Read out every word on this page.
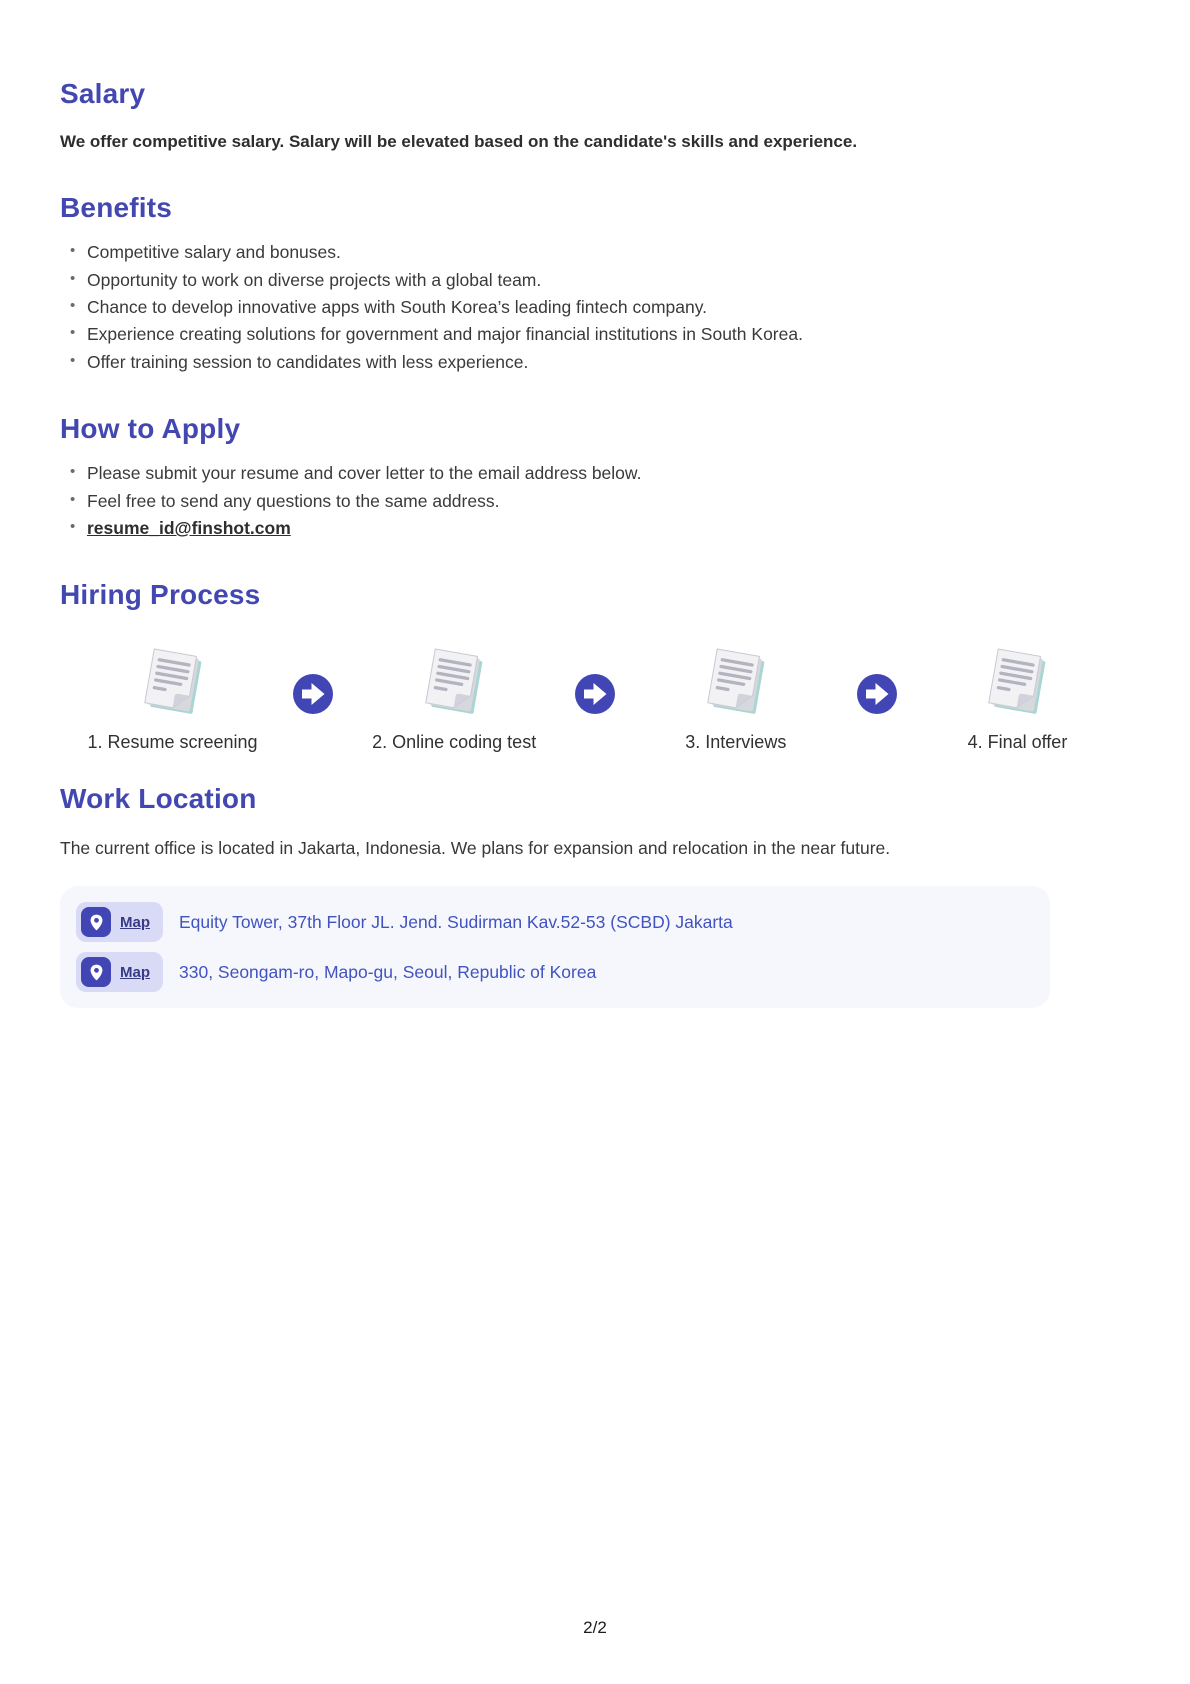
Salary

We offer competitive salary. Salary will be elevated based on the candidate's skills and experience.

Benefits
• Competitive salary and bonuses.
• Opportunity to work on diverse projects with a global team.
• Chance to develop innovative apps with South Korea’s leading fintech company.
• Experience creating solutions for government and major financial institutions in South Korea.
• Offer training session to candidates with less experience.
How to Apply
• Please submit your resume and cover letter to the email address below.
• Feel free to send any questions to the same address.
• resume_id@finshot.com
Hiring Process
1. Resume screening	2. Online coding test	3. Interviews	4. Final offer
Work Location

The current office is located in Jakarta, Indonesia. We plans for expansion and relocation in the near future.

Map Equity Tower, 37th Floor JL. Jend. Sudirman Kav.52-53 (SCBD) Jakarta
Map 330, Seongam-ro, Mapo-gu, Seoul, Republic of Korea
2/2
